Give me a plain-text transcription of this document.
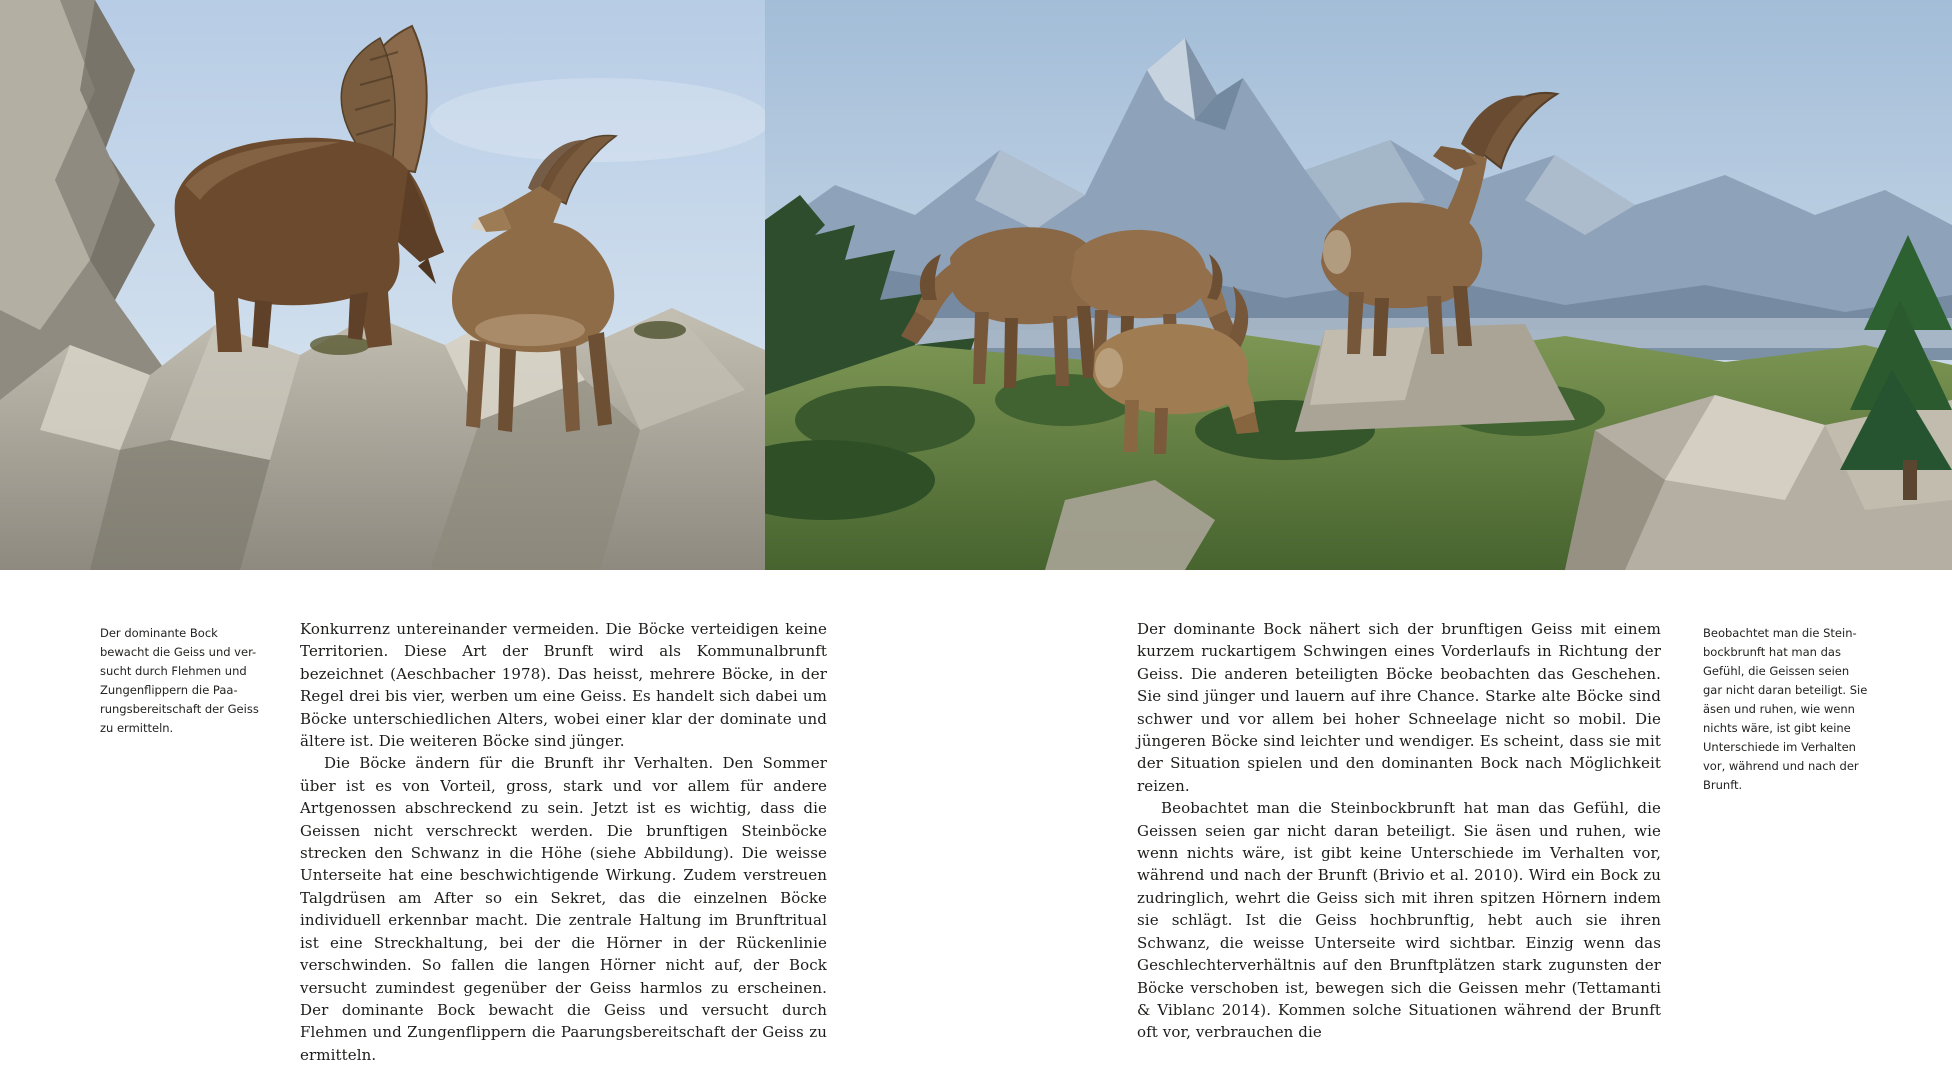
Der dominante Bock
bewacht die Geiss und ver-
sucht durch Flehmen und
Zungenflippern die Paa-
rungsbereitschaft der Geiss
zu ermitteln.

Konkurrenz untereinander vermeiden. Die Böcke verteidigen keine Territorien. Diese Art der Brunft wird als Kommunalbrunft bezeichnet (Aeschbacher 1978). Das heisst, mehrere Böcke, in der Regel drei bis vier, werben um eine Geiss. Es handelt sich dabei um Böcke unterschiedlichen Alters, wobei einer klar der dominate und ältere ist. Die weiteren Böcke sind jünger.

Die Böcke ändern für die Brunft ihr Verhalten. Den Sommer über ist es von Vorteil, gross, stark und vor allem für andere Artgenossen abschreckend zu sein. Jetzt ist es wichtig, dass die Geissen nicht verschreckt werden. Die brunftigen Steinböcke strecken den Schwanz in die Höhe (siehe Abbildung). Die weisse Unterseite hat eine beschwichtigende Wirkung. Zudem verstreuen Talgdrüsen am After so ein Sekret, das die einzelnen Böcke individuell erkennbar macht. Die zentrale Haltung im Brunftritual ist eine Streckhaltung, bei der die Hörner in der Rückenlinie verschwinden. So fallen die langen Hörner nicht auf, der Bock versucht zumindest gegenüber der Geiss harmlos zu erscheinen. Der dominante Bock bewacht die Geiss und versucht durch Flehmen und Zungenflippern die Paarungsbereitschaft der Geiss zu ermitteln.

Der dominante Bock nähert sich der brunftigen Geiss mit einem kurzem ruckartigem Schwingen eines Vorderlaufs in Richtung der Geiss. Die anderen beteiligten Böcke beobachten das Geschehen. Sie sind jünger und lauern auf ihre Chance. Starke alte Böcke sind schwer und vor allem bei hoher Schneelage nicht so mobil. Die jüngeren Böcke sind leichter und wendiger. Es scheint, dass sie mit der Situation spielen und den dominanten Bock nach Möglichkeit reizen.

Beobachtet man die Steinbockbrunft hat man das Gefühl, die Geissen seien gar nicht daran beteiligt. Sie äsen und ruhen, wie wenn nichts wäre, ist gibt keine Unterschiede im Verhalten vor, während und nach der Brunft (Brivio et al. 2010). Wird ein Bock zu zudringlich, wehrt die Geiss sich mit ihren spitzen Hörnern indem sie schlägt. Ist die Geiss hochbrunftig, hebt auch sie ihren Schwanz, die weisse Unterseite wird sichtbar. Einzig wenn das Geschlechterverhältnis auf den Brunftplätzen stark zugunsten der Böcke verschoben ist, bewegen sich die Geissen mehr (Tettamanti & Viblanc 2014). Kommen solche Situationen während der Brunft oft vor, verbrauchen die

Beobachtet man die Stein-
bockbrunft hat man das
Gefühl, die Geissen seien
gar nicht daran beteiligt. Sie
äsen und ruhen, wie wenn
nichts wäre, ist gibt keine
Unterschiede im Verhalten
vor, während und nach der
Brunft.
